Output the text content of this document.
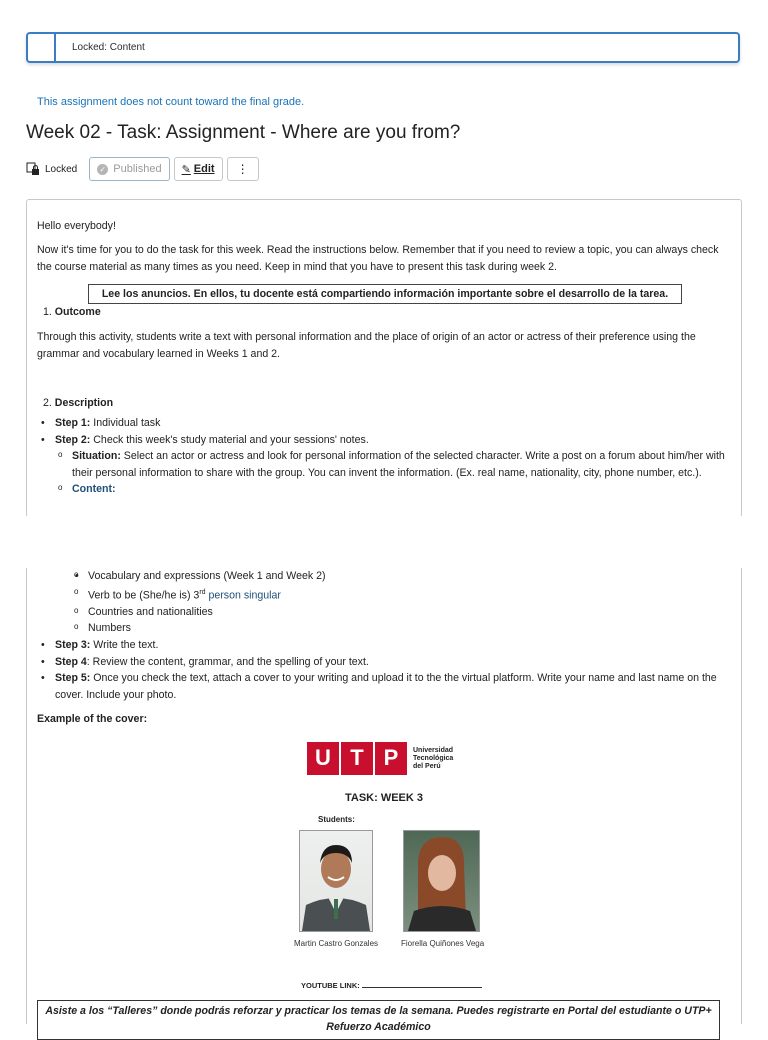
Locked: Content
This assignment does not count toward the final grade.
Week 02 - Task: Assignment - Where are you from?
Locked	✓ Published ✎ Edit ⋮

Hello everybody!

Now it's time for you to do the task for this week. Read the instructions below. Remember that if you need to review a topic, you can always check the course material as many times as you need. Keep in mind that you have to present this task during week 2.

Lee los anuncios. En ellos, tu docente está compartiendo información importante sobre el desarrollo de la tarea.

1. Outcome

Through this activity, students write a text with personal information and the place of origin of an actor or actress of their preference using the grammar and vocabulary learned in Weeks 1 and 2.

2. Description

• Step 1: Individual task
• Step 2: Check this week's study material and your sessions' notes.
o Situation: Select an actor or actress and look for personal information of the selected character. Write a post on a forum about him/her with their personal information to share with the group. You can invent the information. (Ex. real name, nationality, city, phone number, etc.).
o Content:
o • Vocabulary and expressions (Week 1 and Week 2)
o Verb to be (She/he is) 3rd person singular
o Countries and nationalities
o Numbers
• Step 3: Write the text.
• Step 4: Review the content, grammar, and the spelling of your text.
• Step 5: Once you check the text, attach a cover to your writing and upload it to the the virtual platform. Write your name and last name on the cover. Include your photo.

Example of the cover:

U T P	Universidad
Tecnológica
del Perú
TASK: WEEK 3
Students:
Martin Castro Gonzales	Fiorella Quiñones Vega
YOUTUBE LINK:
Asiste a los “Talleres” donde podrás reforzar y practicar los temas de la semana. Puedes registrarte en Portal del estudiante o UTP+ Refuerzo Académico
